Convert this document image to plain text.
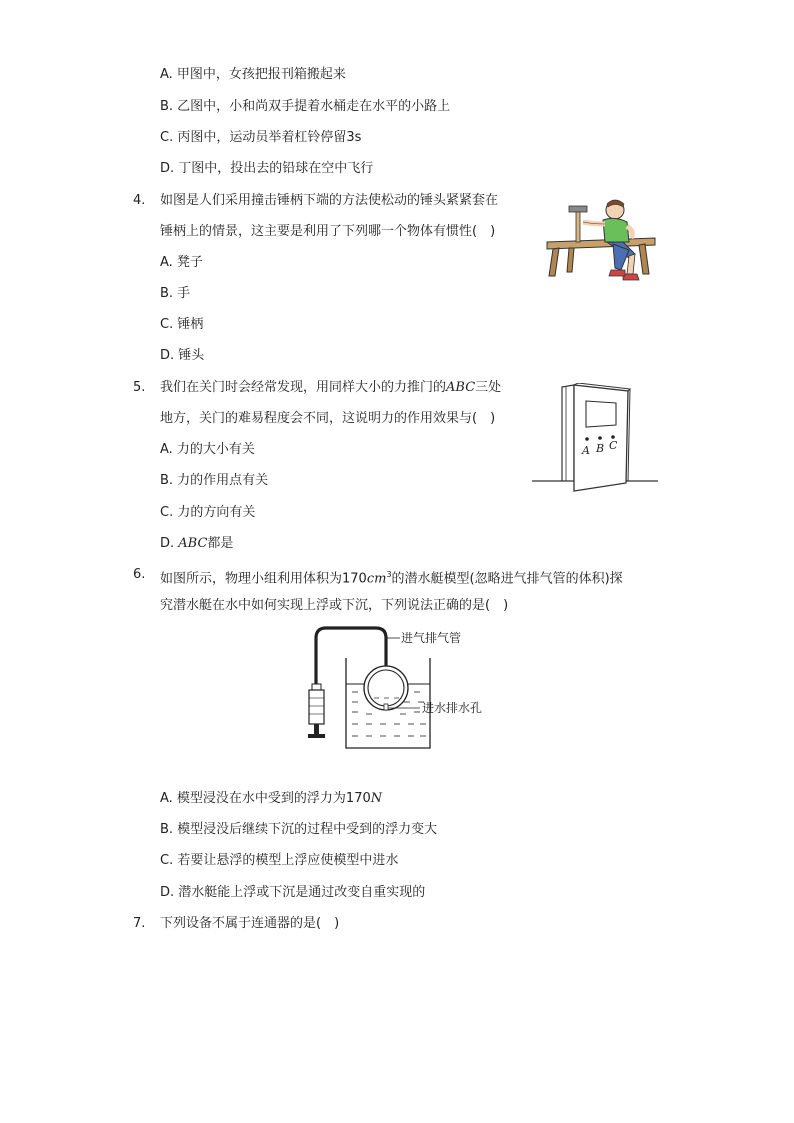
A. 甲图中，女孩把报刊箱搬起来
B. 乙图中，小和尚双手提着水桶走在水平的小路上
C. 丙图中，运动员举着杠铃停留3s
D. 丁图中，投出去的铅球在空中飞行
4. 如图是人们采用撞击锤柄下端的方法使松动的锤头紧紧套在
锤柄上的情景，这主要是利用了下列哪一个物体有惯性(　)
A. 凳子
B. 手
C. 锤柄
D. 锤头
5. 我们在关门时会经常发现，用同样大小的力推门的ABC三处
地方，关门的难易程度会不同，这说明力的作用效果与(　)
A. 力的大小有关
B. 力的作用点有关
C. 力的方向有关
D. ABC都是
A B C
6. 如图所示，物理小组利用体积为$170cm^3$的潜水艇模型(忽略进气排气管的体积)探
究潜水艇在水中如何实现上浮或下沉，下列说法正确的是(　)
进气排气管
进水排水孔
A. 模型浸没在水中受到的浮力为170N
B. 模型浸没后继续下沉的过程中受到的浮力变大
C. 若要让悬浮的模型上浮应使模型中进水
D. 潜水艇能上浮或下沉是通过改变自重实现的
7. 下列设备不属于连通器的是(　)
